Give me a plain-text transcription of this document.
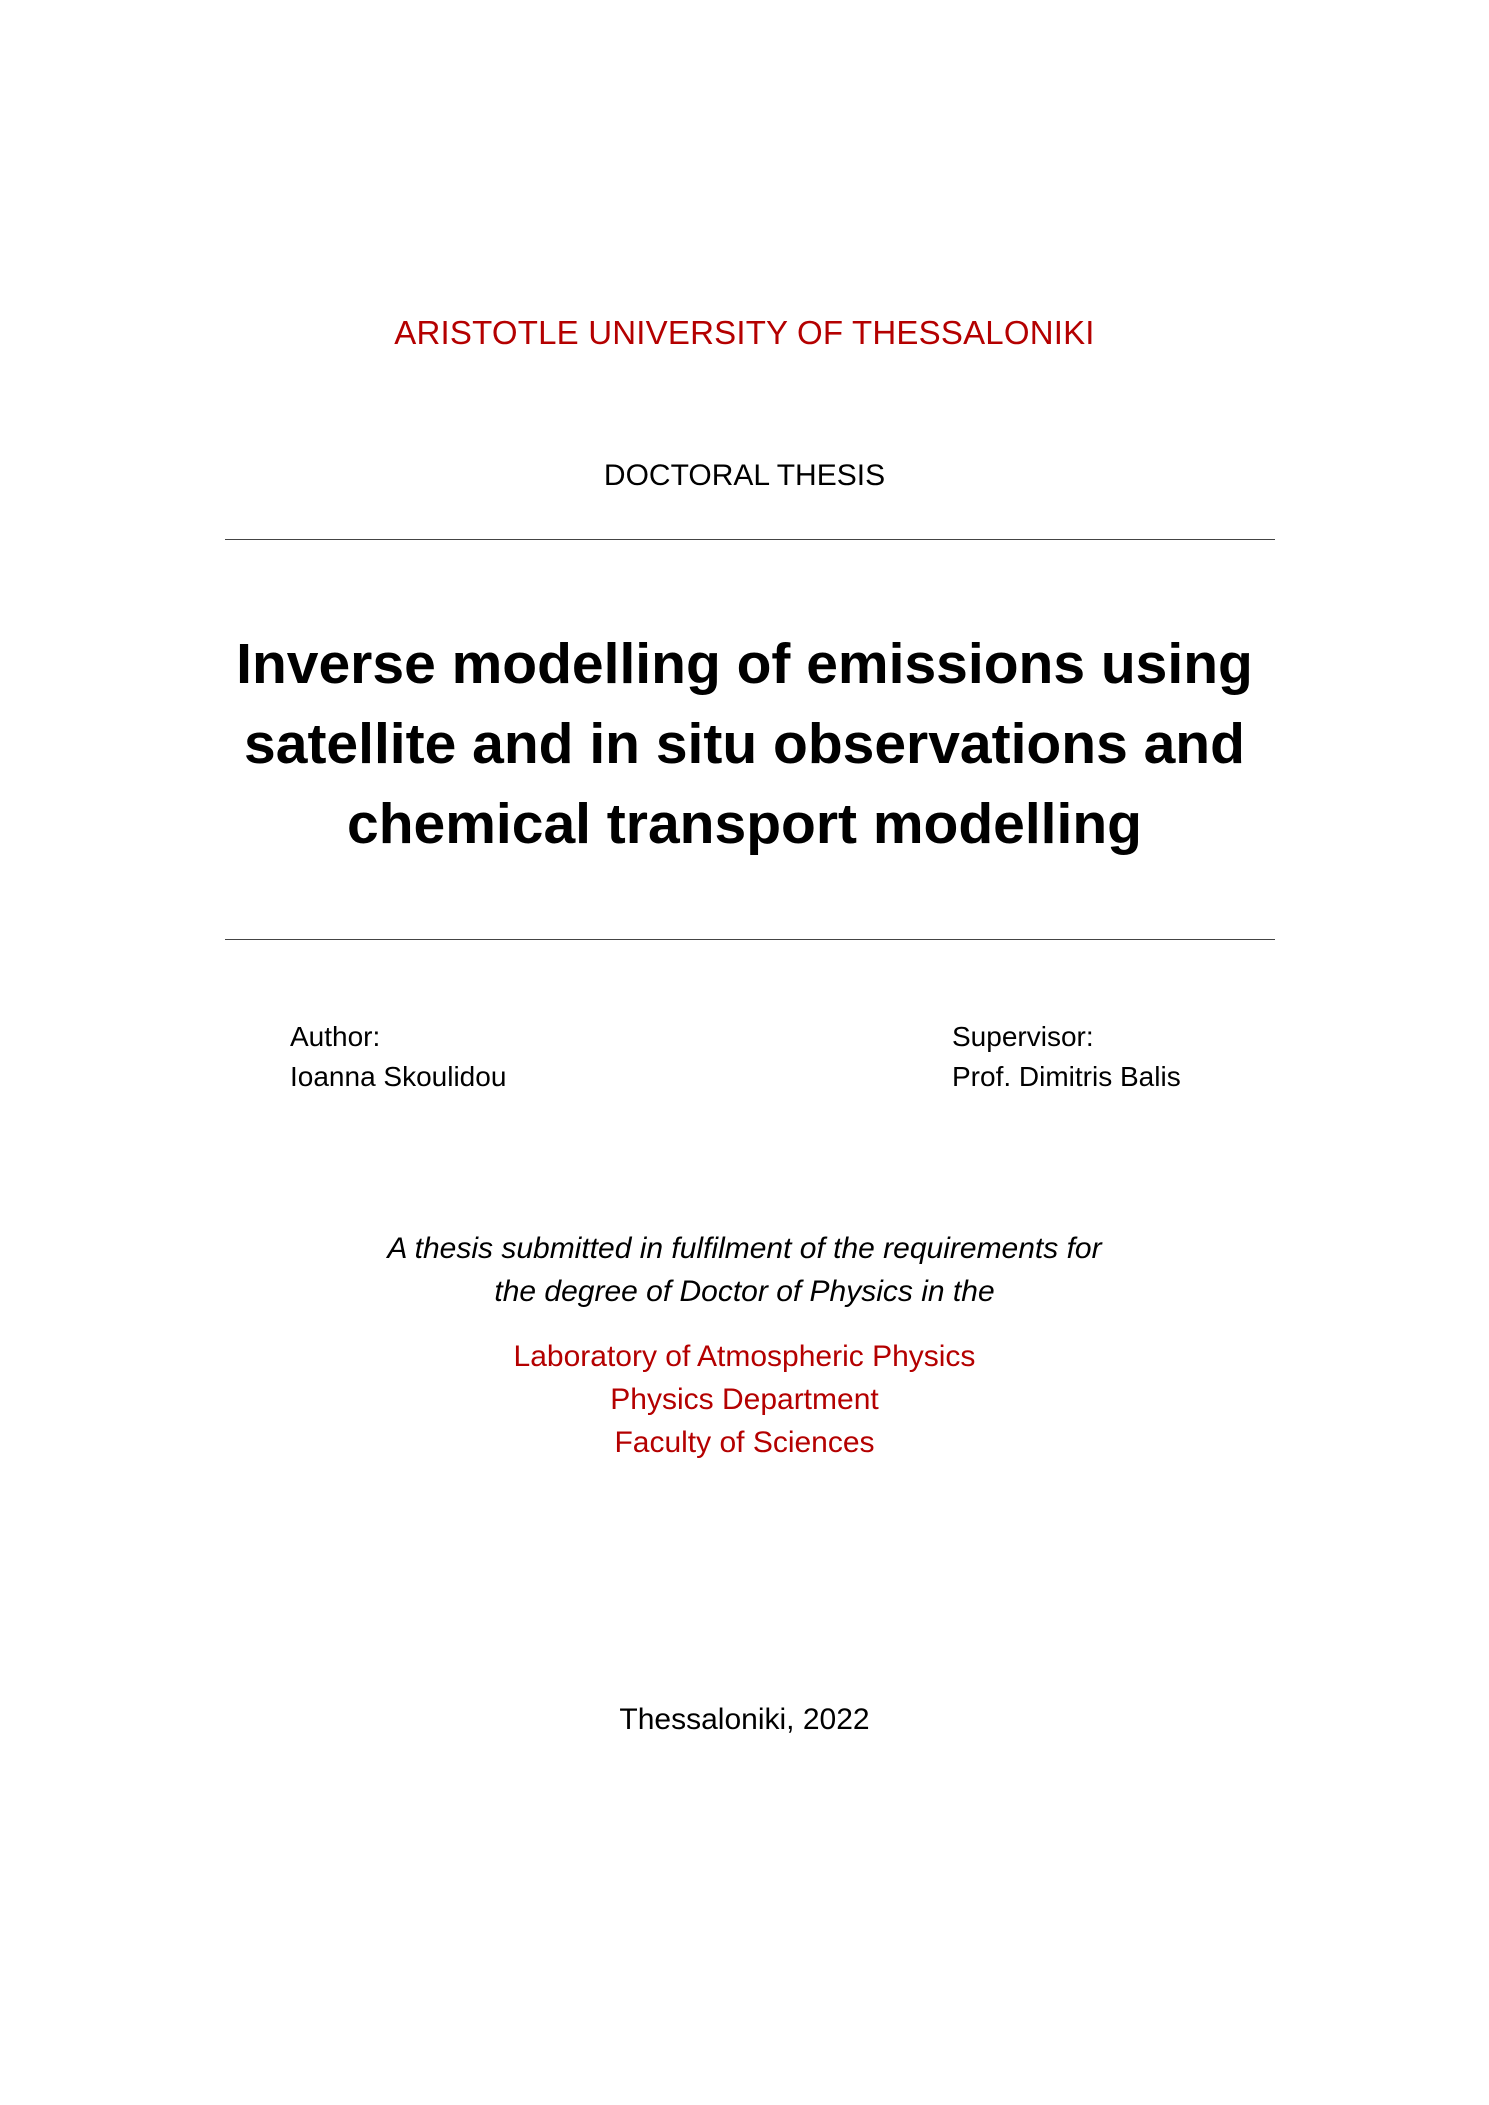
ARISTOTLE UNIVERSITY OF THESSALONIKI
DOCTORAL THESIS
Inverse modelling of emissions using
satellite and in situ observations and
chemical transport modelling
Author:
Ioanna Skoulidou
Supervisor:
Prof. Dimitris Balis
A thesis submitted in fulfilment of the requirements for
the degree of Doctor of Physics in the
Laboratory of Atmospheric Physics
Physics Department
Faculty of Sciences
Thessaloniki, 2022
